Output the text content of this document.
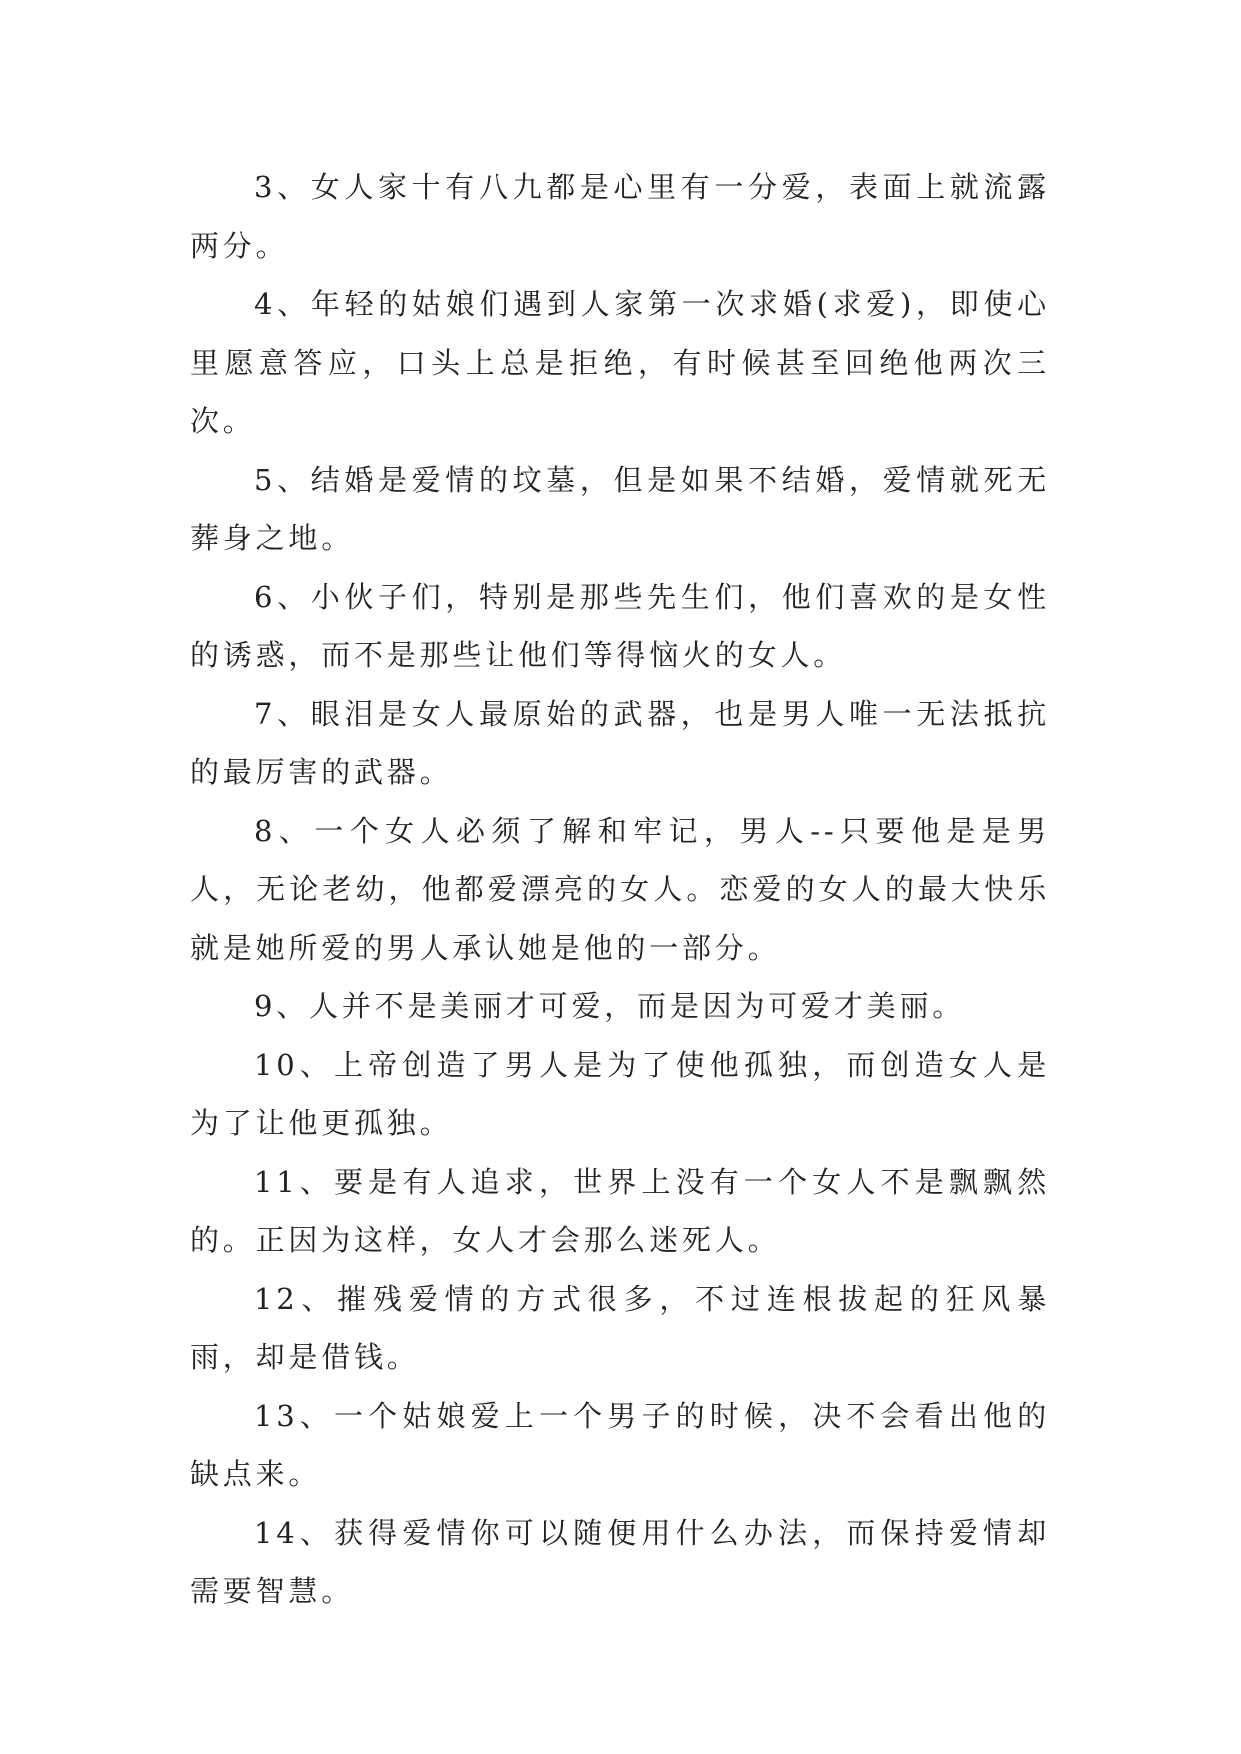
3、女人家十有八九都是心里有一分爱，表面上就流露两分。

4、年轻的姑娘们遇到人家第一次求婚(求爱)，即使心里愿意答应，口头上总是拒绝，有时候甚至回绝他两次三次。

5、结婚是爱情的坟墓，但是如果不结婚，爱情就死无葬身之地。

6、小伙子们，特别是那些先生们，他们喜欢的是女性的诱惑，而不是那些让他们等得恼火的女人。

7、眼泪是女人最原始的武器，也是男人唯一无法抵抗的最厉害的武器。

8、一个女人必须了解和牢记，男人--只要他是是男人，无论老幼，他都爱漂亮的女人。恋爱的女人的最大快乐就是她所爱的男人承认她是他的一部分。

9、人并不是美丽才可爱，而是因为可爱才美丽。

10、上帝创造了男人是为了使他孤独，而创造女人是为了让他更孤独。

11、要是有人追求，世界上没有一个女人不是飘飘然的。正因为这样，女人才会那么迷死人。

12、摧残爱情的方式很多，不过连根拔起的狂风暴雨，却是借钱。

13、一个姑娘爱上一个男子的时候，决不会看出他的缺点来。

14、获得爱情你可以随便用什么办法，而保持爱情却需要智慧。
